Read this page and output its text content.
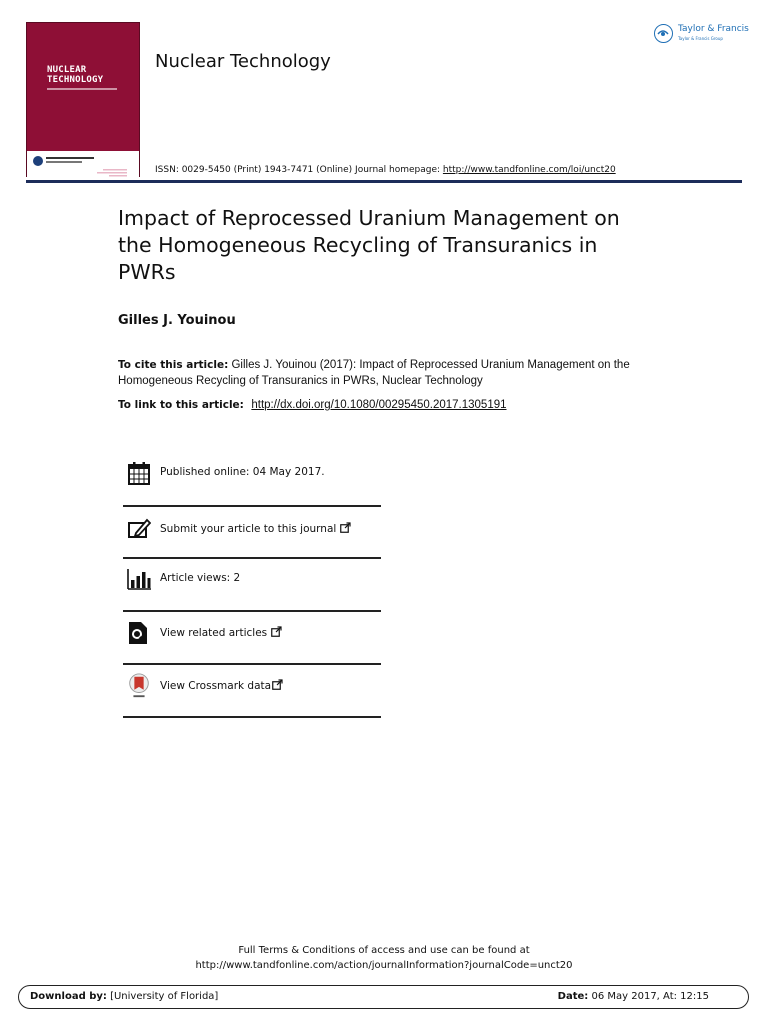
NUCLEAR
TECHNOLOGY
Nuclear Technology
Taylor & Francis
Taylor & Francis Group
ISSN: 0029-5450 (Print) 1943-7471 (Online) Journal homepage: http://www.tandfonline.com/loi/unct20
Impact of Reprocessed Uranium Management on the Homogeneous Recycling of Transuranics in PWRs
Gilles J. Youinou
To cite this article: Gilles J. Youinou (2017): Impact of Reprocessed Uranium Management on the Homogeneous Recycling of Transuranics in PWRs, Nuclear Technology
To link to this article: http://dx.doi.org/10.1080/00295450.2017.1305191
Published online: 04 May 2017.
Submit your article to this journal
Article views: 2
View related articles
View Crossmark data
Full Terms & Conditions of access and use can be found at
http://www.tandfonline.com/action/journalInformation?journalCode=unct20
Download by: [University of Florida]	Date: 06 May 2017, At: 12:15
